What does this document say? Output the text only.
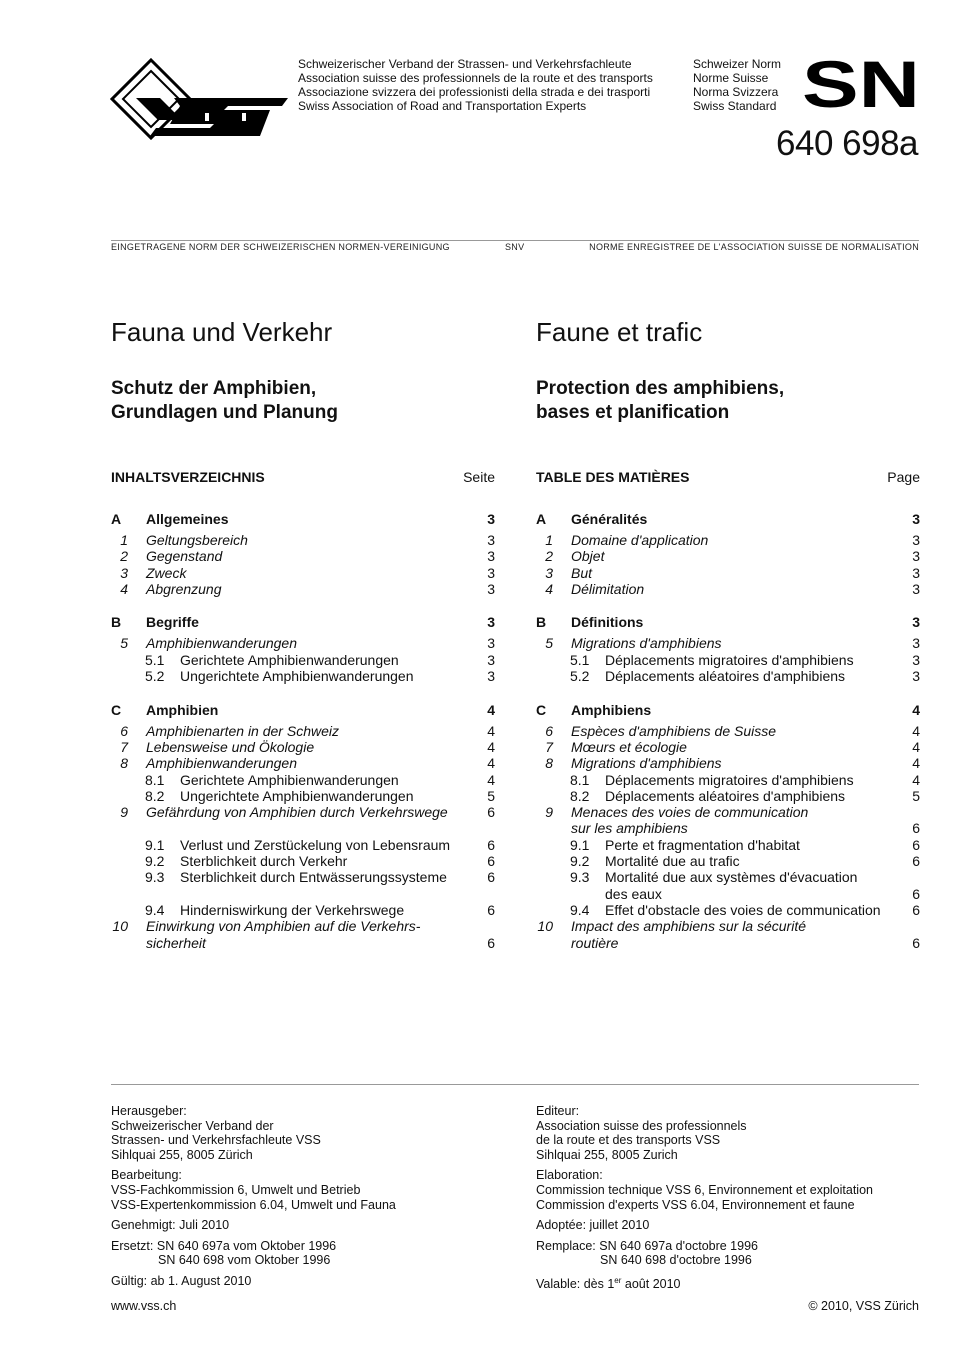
Schweizerischer Verband der Strassen- und Verkehrsfachleute
Association suisse des professionnels de la route et des transports
Associazione svizzera dei professionisti della strada e dei trasporti
Swiss Association of Road and Transportation Experts
Schweizer Norm
Norme Suisse
Norma Svizzera
Swiss Standard SN
640 698a
EINGETRAGENE NORM DER SCHWEIZERISCHEN NORMEN-VEREINIGUNG	SNV	NORME ENREGISTREE DE L'ASSOCIATION SUISSE DE NORMALISATION
Fauna und Verkehr
Schutz der Amphibien,
Grundlagen und Planung
INHALTSVERZEICHNIS	Seite
A	Allgemeines	3
1 Geltungsbereich	3
2 Gegenstand	3
3 Zweck	3
4 Abgrenzung	3
B	Begriffe	3
5 Amphibienwanderungen	3
5.1 Gerichtete Amphibienwanderungen	3
5.2 Ungerichtete Amphibienwanderungen	3
C	Amphibien	4
6 Amphibienarten in der Schweiz	4
7 Lebensweise und Ökologie	4
8 Amphibienwanderungen	4
8.1 Gerichtete Amphibienwanderungen	4
8.2 Ungerichtete Amphibienwanderungen	5
9 Gefährdung von Amphibien durch Verkehrswege	6
9.1 Verlust und Zerstückelung von Lebensraum	6
9.2 Sterblichkeit durch Verkehr	6
9.3 Sterblichkeit durch Entwässerungssysteme	6
9.4 Hinderniswirkung der Verkehrswege	6
10 Einwirkung von Amphibien auf die Verkehrs-
sicherheit	6
Faune et trafic
Protection des amphibiens,
bases et planification
TABLE DES MATIÈRES	Page
A	Généralités	3
1 Domaine d'application	3
2 Objet	3
3 But	3
4 Délimitation	3
B	Définitions	3
5 Migrations d'amphibiens	3
5.1 Déplacements migratoires d'amphibiens	3
5.2 Déplacements aléatoires d'amphibiens	3
C	Amphibiens	4
6 Espèces d'amphibiens de Suisse	4
7 Mœurs et écologie	4
8 Migrations d'amphibiens	4
8.1 Déplacements migratoires d'amphibiens	4
8.2 Déplacements aléatoires d'amphibiens	5
9 Menaces des voies de communication
sur les amphibiens	6
9.1 Perte et fragmentation d'habitat	6
9.2 Mortalité due au trafic	6
9.3 Mortalité due aux systèmes d'évacuation
des eaux	6
9.4 Effet d'obstacle des voies de communication 6
10 Impact des amphibiens sur la sécurité
routière	6
Herausgeber:
Schweizerischer Verband der
Strassen- und Verkehrsfachleute VSS
Sihlquai 255, 8005 Zürich
Bearbeitung:
VSS-Fachkommission 6, Umwelt und Betrieb
VSS-Expertenkommission 6.04, Umwelt und Fauna
Genehmigt: Juli 2010
Ersetzt: SN 640 697a vom Oktober 1996
SN 640 698 vom Oktober 1996
Gültig: ab 1. August 2010
Editeur:
Association suisse des professionnels
de la route et des transports VSS
Sihlquai 255, 8005 Zurich
Elaboration:
Commission technique VSS 6, Environnement et exploitation
Commission d'experts VSS 6.04, Environnement et faune
Adoptée: juillet 2010
Remplace: SN 640 697a d'octobre 1996
SN 640 698 d'octobre 1996
Valable: dès 1er août 2010
www.vss.ch	© 2010, VSS Zürich
